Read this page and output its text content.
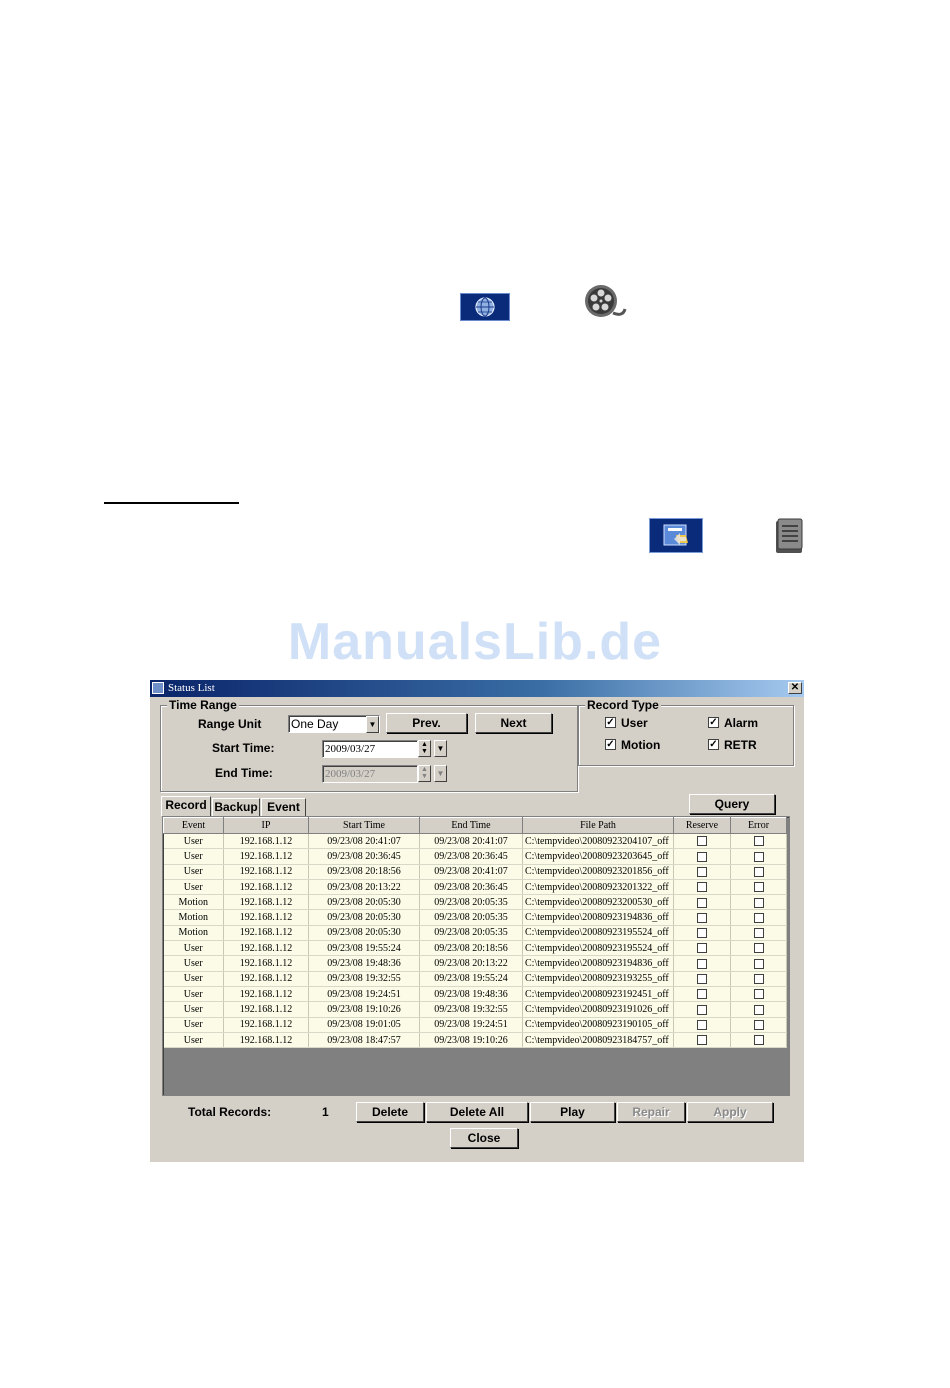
ManualsLib.de
Status List	✕
Time Range
Range Unit One Day	▼	Prev.	Next
Start Time:	2009/03/27	▲
▼	▼
End Time:	2009/03/27	▲
▼	▼
Record Type
✓ User	✓ Alarm
✓ Motion	✓ RETR
Record Backup Event	Query
Event	IP	Start Time	End Time	File Path	Reserve	Error
User	192.168.1.12	09/23/08 20:41:07	09/23/08 20:41:07	C:\tempvideo\20080923204107_off		
User	192.168.1.12	09/23/08 20:36:45	09/23/08 20:36:45	C:\tempvideo\20080923203645_off		
User	192.168.1.12	09/23/08 20:18:56	09/23/08 20:41:07	C:\tempvideo\20080923201856_off		
User	192.168.1.12	09/23/08 20:13:22	09/23/08 20:36:45	C:\tempvideo\20080923201322_off		
Motion	192.168.1.12	09/23/08 20:05:30	09/23/08 20:05:35	C:\tempvideo\20080923200530_off		
Motion	192.168.1.12	09/23/08 20:05:30	09/23/08 20:05:35	C:\tempvideo\20080923194836_off		
Motion	192.168.1.12	09/23/08 20:05:30	09/23/08 20:05:35	C:\tempvideo\20080923195524_off		
User	192.168.1.12	09/23/08 19:55:24	09/23/08 20:18:56	C:\tempvideo\20080923195524_off		
User	192.168.1.12	09/23/08 19:48:36	09/23/08 20:13:22	C:\tempvideo\20080923194836_off		
User	192.168.1.12	09/23/08 19:32:55	09/23/08 19:55:24	C:\tempvideo\20080923193255_off		
User	192.168.1.12	09/23/08 19:24:51	09/23/08 19:48:36	C:\tempvideo\20080923192451_off		
User	192.168.1.12	09/23/08 19:10:26	09/23/08 19:32:55	C:\tempvideo\20080923191026_off		
User	192.168.1.12	09/23/08 19:01:05	09/23/08 19:24:51	C:\tempvideo\20080923190105_off		
User	192.168.1.12	09/23/08 18:47:57	09/23/08 19:10:26	C:\tempvideo\20080923184757_off		
Total Records:	1	Delete	Delete All	Play	Repair	Apply
Close
